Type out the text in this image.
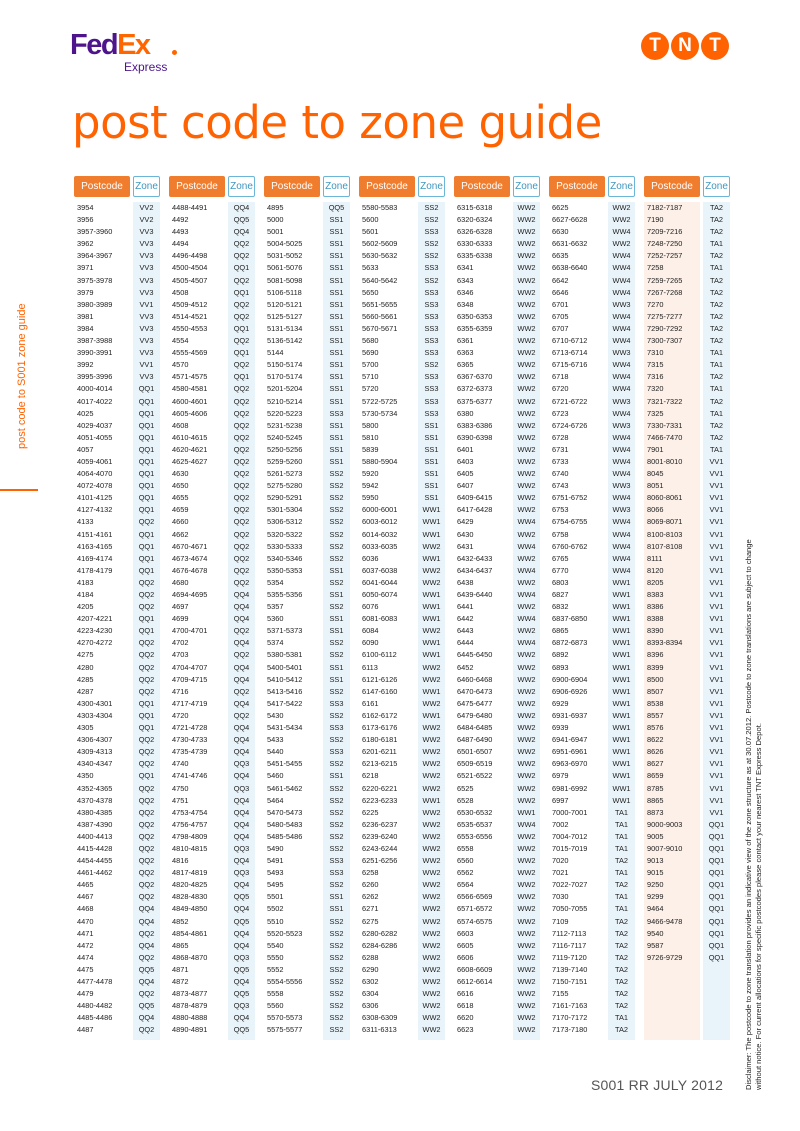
FedEx
Express
T N T
post code to zone guide
post code to S001 zone guide
Postcode	Zone
3954	VV2
3956	VV2
3957-3960	VV3
3962	VV3
3964-3967	VV3
3971	VV3
3975-3978	VV3
3979	VV3
3980-3989	VV1
3981	VV3
3984	VV3
3987-3988	VV3
3990-3991	VV3
3992	VV1
3995-3996	VV3
4000-4014	QQ1
4017-4022	QQ1
4025	QQ1
4029-4037	QQ1
4051-4055	QQ1
4057	QQ1
4059-4061	QQ1
4064-4070	QQ1
4072-4078	QQ1
4101-4125	QQ1
4127-4132	QQ1
4133	QQ2
4151-4161	QQ1
4163-4165	QQ1
4169-4174	QQ1
4178-4179	QQ1
4183	QQ2
4184	QQ2
4205	QQ2
4207-4221	QQ1
4223-4230	QQ1
4270-4272	QQ2
4275	QQ2
4280	QQ2
4285	QQ2
4287	QQ2
4300-4301	QQ1
4303-4304	QQ1
4305	QQ1
4306-4307	QQ2
4309-4313	QQ2
4340-4347	QQ2
4350	QQ1
4352-4365	QQ2
4370-4378	QQ2
4380-4385	QQ2
4387-4390	QQ2
4400-4413	QQ2
4415-4428	QQ2
4454-4455	QQ2
4461-4462	QQ2
4465	QQ2
4467	QQ2
4468	QQ4
4470	QQ4
4471	QQ2
4472	QQ4
4474	QQ2
4475	QQ5
4477-4478	QQ4
4479	QQ2
4480-4482	QQ5
4485-4486	QQ4
4487	QQ2
Postcode	Zone
4488-4491	QQ4
4492	QQ5
4493	QQ4
4494	QQ2
4496-4498	QQ2
4500-4504	QQ1
4505-4507	QQ2
4508	QQ1
4509-4512	QQ2
4514-4521	QQ2
4550-4553	QQ1
4554	QQ2
4555-4569	QQ1
4570	QQ2
4571-4575	QQ1
4580-4581	QQ2
4600-4601	QQ2
4605-4606	QQ2
4608	QQ2
4610-4615	QQ2
4620-4621	QQ2
4625-4627	QQ2
4630	QQ2
4650	QQ2
4655	QQ2
4659	QQ2
4660	QQ2
4662	QQ2
4670-4671	QQ2
4673-4674	QQ2
4676-4678	QQ2
4680	QQ2
4694-4695	QQ4
4697	QQ4
4699	QQ4
4700-4701	QQ2
4702	QQ4
4703	QQ2
4704-4707	QQ4
4709-4715	QQ4
4716	QQ2
4717-4719	QQ4
4720	QQ2
4721-4728	QQ4
4730-4733	QQ4
4735-4739	QQ4
4740	QQ3
4741-4746	QQ4
4750	QQ3
4751	QQ4
4753-4754	QQ4
4756-4757	QQ4
4798-4809	QQ4
4810-4815	QQ3
4816	QQ4
4817-4819	QQ3
4820-4825	QQ4
4828-4830	QQ5
4849-4850	QQ4
4852	QQ5
4854-4861	QQ4
4865	QQ4
4868-4870	QQ3
4871	QQ5
4872	QQ4
4873-4877	QQ5
4878-4879	QQ3
4880-4888	QQ4
4890-4891	QQ5
Postcode	Zone
4895	QQ5
5000	SS1
5001	SS1
5004-5025	SS1
5031-5052	SS1
5061-5076	SS1
5081-5098	SS1
5106-5118	SS1
5120-5121	SS1
5125-5127	SS1
5131-5134	SS1
5136-5142	SS1
5144	SS1
5150-5174	SS1
5170-5174	SS1
5201-5204	SS1
5210-5214	SS1
5220-5223	SS3
5231-5238	SS1
5240-5245	SS1
5250-5256	SS1
5259-5260	SS1
5261-5273	SS2
5275-5280	SS2
5290-5291	SS2
5301-5304	SS2
5306-5312	SS2
5320-5322	SS2
5330-5333	SS2
5340-5346	SS2
5350-5353	SS1
5354	SS2
5355-5356	SS1
5357	SS2
5360	SS1
5371-5373	SS1
5374	SS2
5380-5381	SS2
5400-5401	SS1
5410-5412	SS1
5413-5416	SS2
5417-5422	SS3
5430	SS2
5431-5434	SS3
5433	SS2
5440	SS3
5451-5455	SS2
5460	SS1
5461-5462	SS2
5464	SS2
5470-5473	SS2
5480-5483	SS2
5485-5486	SS2
5490	SS2
5491	SS3
5493	SS3
5495	SS2
5501	SS1
5502	SS1
5510	SS2
5520-5523	SS2
5540	SS2
5550	SS2
5552	SS2
5554-5556	SS2
5558	SS2
5560	SS2
5570-5573	SS2
5575-5577	SS2
Postcode	Zone
5580-5583	SS2
5600	SS2
5601	SS3
5602-5609	SS2
5630-5632	SS2
5633	SS3
5640-5642	SS2
5650	SS3
5651-5655	SS3
5660-5661	SS3
5670-5671	SS3
5680	SS3
5690	SS3
5700	SS2
5710	SS3
5720	SS3
5722-5725	SS3
5730-5734	SS3
5800	SS1
5810	SS1
5839	SS1
5880-5904	SS1
5920	SS1
5942	SS1
5950	SS1
6000-6001	WW1
6003-6012	WW1
6014-6032	WW1
6033-6035	WW2
6036	WW1
6037-6038	WW2
6041-6044	WW2
6050-6074	WW1
6076	WW1
6081-6083	WW1
6084	WW2
6090	WW1
6100-6112	WW1
6113	WW2
6121-6126	WW2
6147-6160	WW1
6161	WW2
6162-6172	WW1
6173-6176	WW2
6180-6181	WW2
6201-6211	WW2
6213-6215	WW2
6218	WW2
6220-6221	WW2
6223-6233	WW1
6225	WW2
6236-6237	WW2
6239-6240	WW2
6243-6244	WW2
6251-6256	WW2
6258	WW2
6260	WW2
6262	WW2
6271	WW2
6275	WW2
6280-6282	WW2
6284-6286	WW2
6288	WW2
6290	WW2
6302	WW2
6304	WW2
6306	WW2
6308-6309	WW2
6311-6313	WW2
Postcode	Zone
6315-6318	WW2
6320-6324	WW2
6326-6328	WW2
6330-6333	WW2
6335-6338	WW2
6341	WW2
6343	WW2
6346	WW2
6348	WW2
6350-6353	WW2
6355-6359	WW2
6361	WW2
6363	WW2
6365	WW2
6367-6370	WW2
6372-6373	WW2
6375-6377	WW2
6380	WW2
6383-6386	WW2
6390-6398	WW2
6401	WW2
6403	WW2
6405	WW2
6407	WW2
6409-6415	WW2
6417-6428	WW2
6429	WW4
6430	WW2
6431	WW4
6432-6433	WW2
6434-6437	WW4
6438	WW2
6439-6440	WW4
6441	WW2
6442	WW4
6443	WW2
6444	WW4
6445-6450	WW2
6452	WW2
6460-6468	WW2
6470-6473	WW2
6475-6477	WW2
6479-6480	WW2
6484-6485	WW2
6487-6490	WW2
6501-6507	WW2
6509-6519	WW2
6521-6522	WW2
6525	WW2
6528	WW2
6530-6532	WW1
6535-6537	WW4
6553-6556	WW2
6558	WW2
6560	WW2
6562	WW2
6564	WW2
6566-6569	WW2
6571-6572	WW2
6574-6575	WW2
6603	WW2
6605	WW2
6606	WW2
6608-6609	WW2
6612-6614	WW2
6616	WW2
6618	WW2
6620	WW2
6623	WW2
Postcode	Zone
6625	WW2
6627-6628	WW2
6630	WW4
6631-6632	WW2
6635	WW4
6638-6640	WW4
6642	WW4
6646	WW4
6701	WW3
6705	WW4
6707	WW4
6710-6712	WW4
6713-6714	WW3
6715-6716	WW4
6718	WW4
6720	WW4
6721-6722	WW3
6723	WW4
6724-6726	WW3
6728	WW4
6731	WW4
6733	WW4
6740	WW4
6743	WW3
6751-6752	WW4
6753	WW3
6754-6755	WW4
6758	WW4
6760-6762	WW4
6765	WW4
6770	WW4
6803	WW1
6827	WW1
6832	WW1
6837-6850	WW1
6865	WW1
6872-6873	WW1
6892	WW1
6893	WW1
6900-6904	WW1
6906-6926	WW1
6929	WW1
6931-6937	WW1
6939	WW1
6941-6947	WW1
6951-6961	WW1
6963-6970	WW1
6979	WW1
6981-6992	WW1
6997	WW1
7000-7001	TA1
7002	TA1
7004-7012	TA1
7015-7019	TA1
7020	TA2
7021	TA1
7022-7027	TA2
7030	TA1
7050-7055	TA1
7109	TA2
7112-7113	TA2
7116-7117	TA2
7119-7120	TA2
7139-7140	TA2
7150-7151	TA2
7155	TA2
7161-7163	TA2
7170-7172	TA1
7173-7180	TA2
Postcode	Zone
7182-7187	TA2
7190	TA2
7209-7216	TA2
7248-7250	TA1
7252-7257	TA2
7258	TA1
7259-7265	TA2
7267-7268	TA2
7270	TA2
7275-7277	TA2
7290-7292	TA2
7300-7307	TA2
7310	TA1
7315	TA1
7316	TA2
7320	TA1
7321-7322	TA2
7325	TA1
7330-7331	TA2
7466-7470	TA2
7901	TA1
8001-8010	VV1
8045	VV1
8051	VV1
8060-8061	VV1
8066	VV1
8069-8071	VV1
8100-8103	VV1
8107-8108	VV1
8111	VV1
8120	VV1
8205	VV1
8383	VV1
8386	VV1
8388	VV1
8390	VV1
8393-8394	VV1
8396	VV1
8399	VV1
8500	VV1
8507	VV1
8538	VV1
8557	VV1
8576	VV1
8622	VV1
8626	VV1
8627	VV1
8659	VV1
8785	VV1
8865	VV1
8873	VV1
9000-9003	QQ1
9005	QQ1
9007-9010	QQ1
9013	QQ1
9015	QQ1
9250	QQ1
9299	QQ1
9464	QQ1
9466-9478	QQ1
9540	QQ1
9587	QQ1
9726-9729	QQ1	Disclaimer: The postcode to zone translation provides an indicative view of the zone structure as at 30.07.2012. Postcode to zone translations are subject to change without notice. For current allocations for specific postcodes please contact your nearest TNT Express Depot.
S001 RR JULY 2012
